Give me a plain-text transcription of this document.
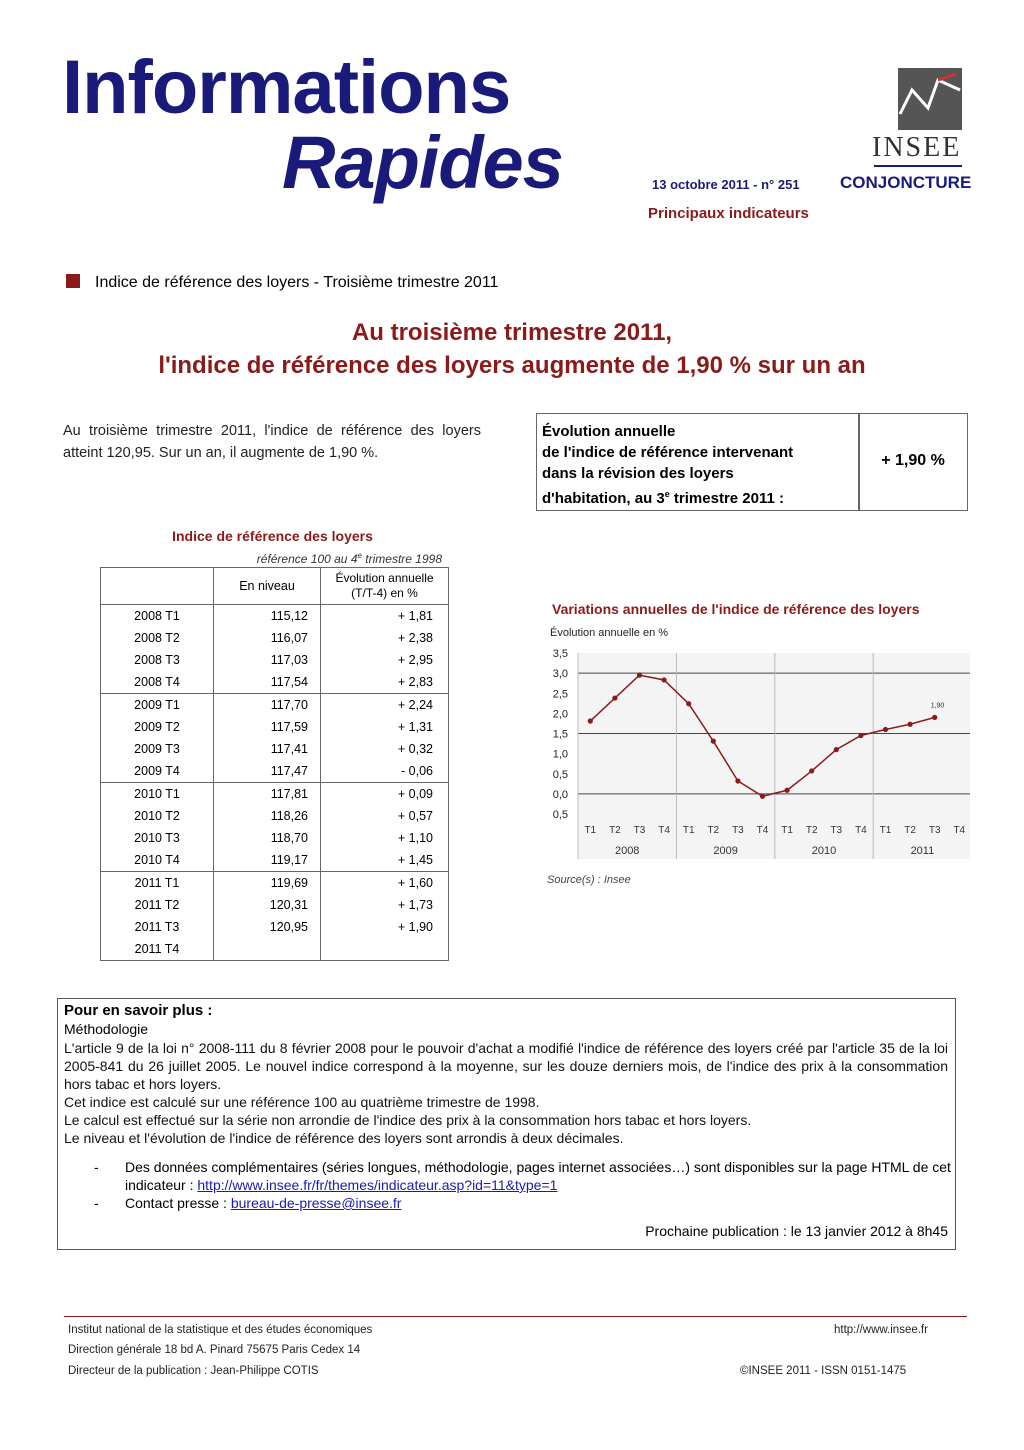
Informations
Rapides	13 octobre 2011 - n° 251 CONJONCTURE
Principaux indicateurs
INSEE
Indice de référence des loyers - Troisième trimestre 2011
Au troisième trimestre 2011,
l'indice de référence des loyers augmente de 1,90 % sur un an
Au troisième trimestre 2011, l'indice de référence des loyers atteint 120,95. Sur un an, il augmente de 1,90 %.
Évolution annuelle
de l'indice de référence intervenant
dans la révision des loyers
d'habitation, au 3e trimestre 2011 :
+ 1,90 %
Indice de référence des loyers
référence 100 au 4e trimestre 1998
	En niveau	Évolution annuelle
(T/T-4) en %
2008 T1	115,12	+ 1,81
2008 T2	116,07	+ 2,38
2008 T3	117,03	+ 2,95
2008 T4	117,54	+ 2,83
2009 T1	117,70	+ 2,24
2009 T2	117,59	+ 1,31
2009 T3	117,41	+ 0,32
2009 T4	117,47	- 0,06
2010 T1	117,81	+ 0,09
2010 T2	118,26	+ 0,57
2010 T3	118,70	+ 1,10
2010 T4	119,17	+ 1,45
2011 T1	119,69	+ 1,60
2011 T2	120,31	+ 1,73
2011 T3	120,95	+ 1,90
2011 T4		
Variations annuelles de l'indice de référence des loyers
Évolution annuelle en %
3,5
3,0
2,5
2,0
1,5
1,0
0,5
0,0
0,5
T1 T2 T3 T4 T1 T2 T3 T4 T1 T2 T3 T4 T1 T2 T3 T4
2008	2009	2010	2011
1,90
Source(s) : Insee
Pour en savoir plus :
Méthodologie

L'article 9 de la loi n° 2008-111 du 8 février 2008 pour le pouvoir d'achat a modifié l'indice de référence des loyers créé par l'article 35 de la loi 2005-841 du 26 juillet 2005. Le nouvel indice correspond à la moyenne, sur les douze derniers mois, de l'indice des prix à la consommation hors tabac et hors loyers.

Cet indice est calculé sur une référence 100 au quatrième trimestre de 1998.

Le calcul est effectué sur la série non arrondie de l'indice des prix à la consommation hors tabac et hors loyers.

Le niveau et l'évolution de l'indice de référence des loyers sont arrondis à deux décimales.

- Des données complémentaires (séries longues, méthodologie, pages internet associées…) sont disponibles sur la page HTML de cet indicateur : http://www.insee.fr/fr/themes/indicateur.asp?id=11&type=1
- Contact presse : bureau-de-presse@insee.fr
Prochaine publication : le 13 janvier 2012 à 8h45
Institut national de la statistique et des études économiques
Direction générale 18 bd A. Pinard 75675 Paris Cedex 14
Directeur de la publication : Jean-Philippe COTIS
http://www.insee.fr
©INSEE 2011 - ISSN 0151-1475
